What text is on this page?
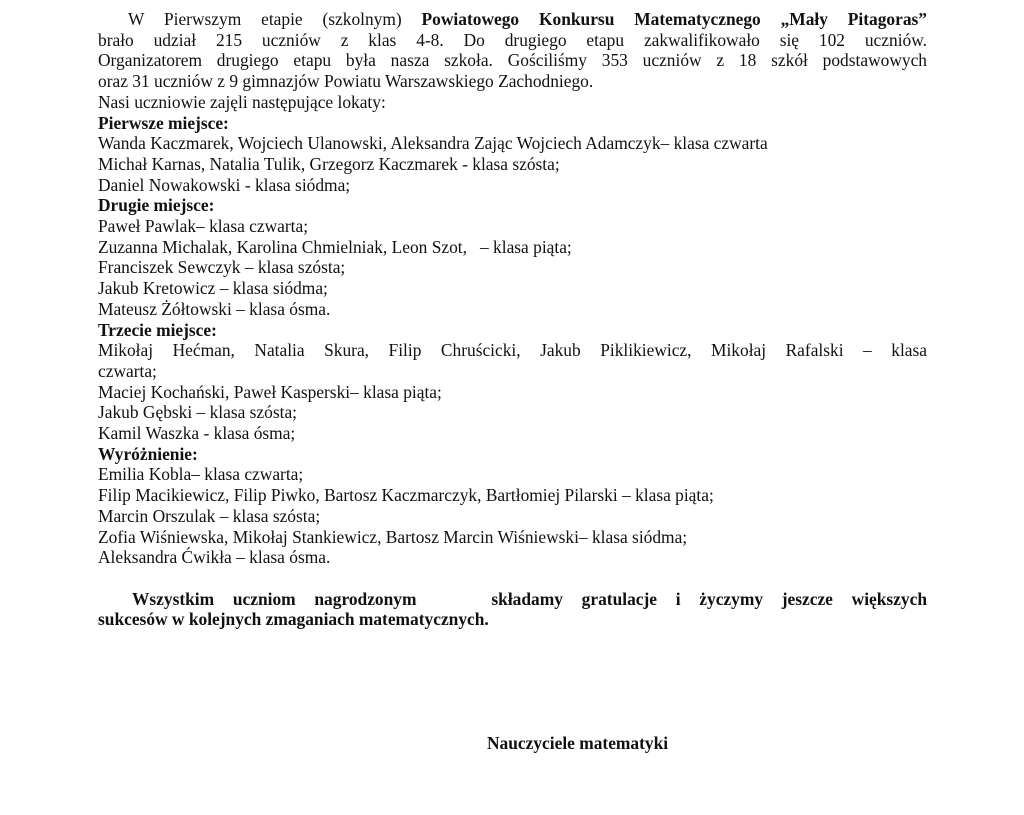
W Pierwszym etapie (szkolnym) Powiatowego Konkursu Matematycznego „Mały Pitagoras”
brało udział 215 uczniów z klas 4-8. Do drugiego etapu zakwalifikowało się 102 uczniów.
Organizatorem drugiego etapu była nasza szkoła. Gościliśmy 353 uczniów z 18 szkół podstawowych
oraz 31 uczniów z 9 gimnazjów Powiatu Warszawskiego Zachodniego.
Nasi uczniowie zajęli następujące lokaty:
Pierwsze miejsce:
Wanda Kaczmarek, Wojciech Ulanowski, Aleksandra Zając Wojciech Adamczyk– klasa czwarta
Michał Karnas, Natalia Tulik, Grzegorz Kaczmarek - klasa szósta;
Daniel Nowakowski - klasa siódma;
Drugie miejsce:
Paweł Pawlak– klasa czwarta;
Zuzanna Michalak, Karolina Chmielniak, Leon Szot,   – klasa piąta;
Franciszek Sewczyk – klasa szósta;
Jakub Kretowicz – klasa siódma;
Mateusz Żółtowski – klasa ósma.
Trzecie miejsce:
Mikołaj Hećman, Natalia Skura, Filip Chruścicki, Jakub Piklikiewicz, Mikołaj Rafalski – klasa
czwarta;
Maciej Kochański, Paweł Kasperski– klasa piąta;
Jakub Gębski – klasa szósta;
Kamil Waszka - klasa ósma;
Wyróżnienie:
Emilia Kobla– klasa czwarta;
Filip Macikiewicz, Filip Piwko, Bartosz Kaczmarczyk, Bartłomiej Pilarski – klasa piąta;
Marcin Orszulak – klasa szósta;
Zofia Wiśniewska, Mikołaj Stankiewicz, Bartosz Marcin Wiśniewski– klasa siódma;
Aleksandra Ćwikła – klasa ósma.
Wszystkim uczniom nagrodzonym    składamy gratulacje i życzymy jeszcze większych
sukcesów w kolejnych zmaganiach matematycznych.
Nauczyciele matematyki
